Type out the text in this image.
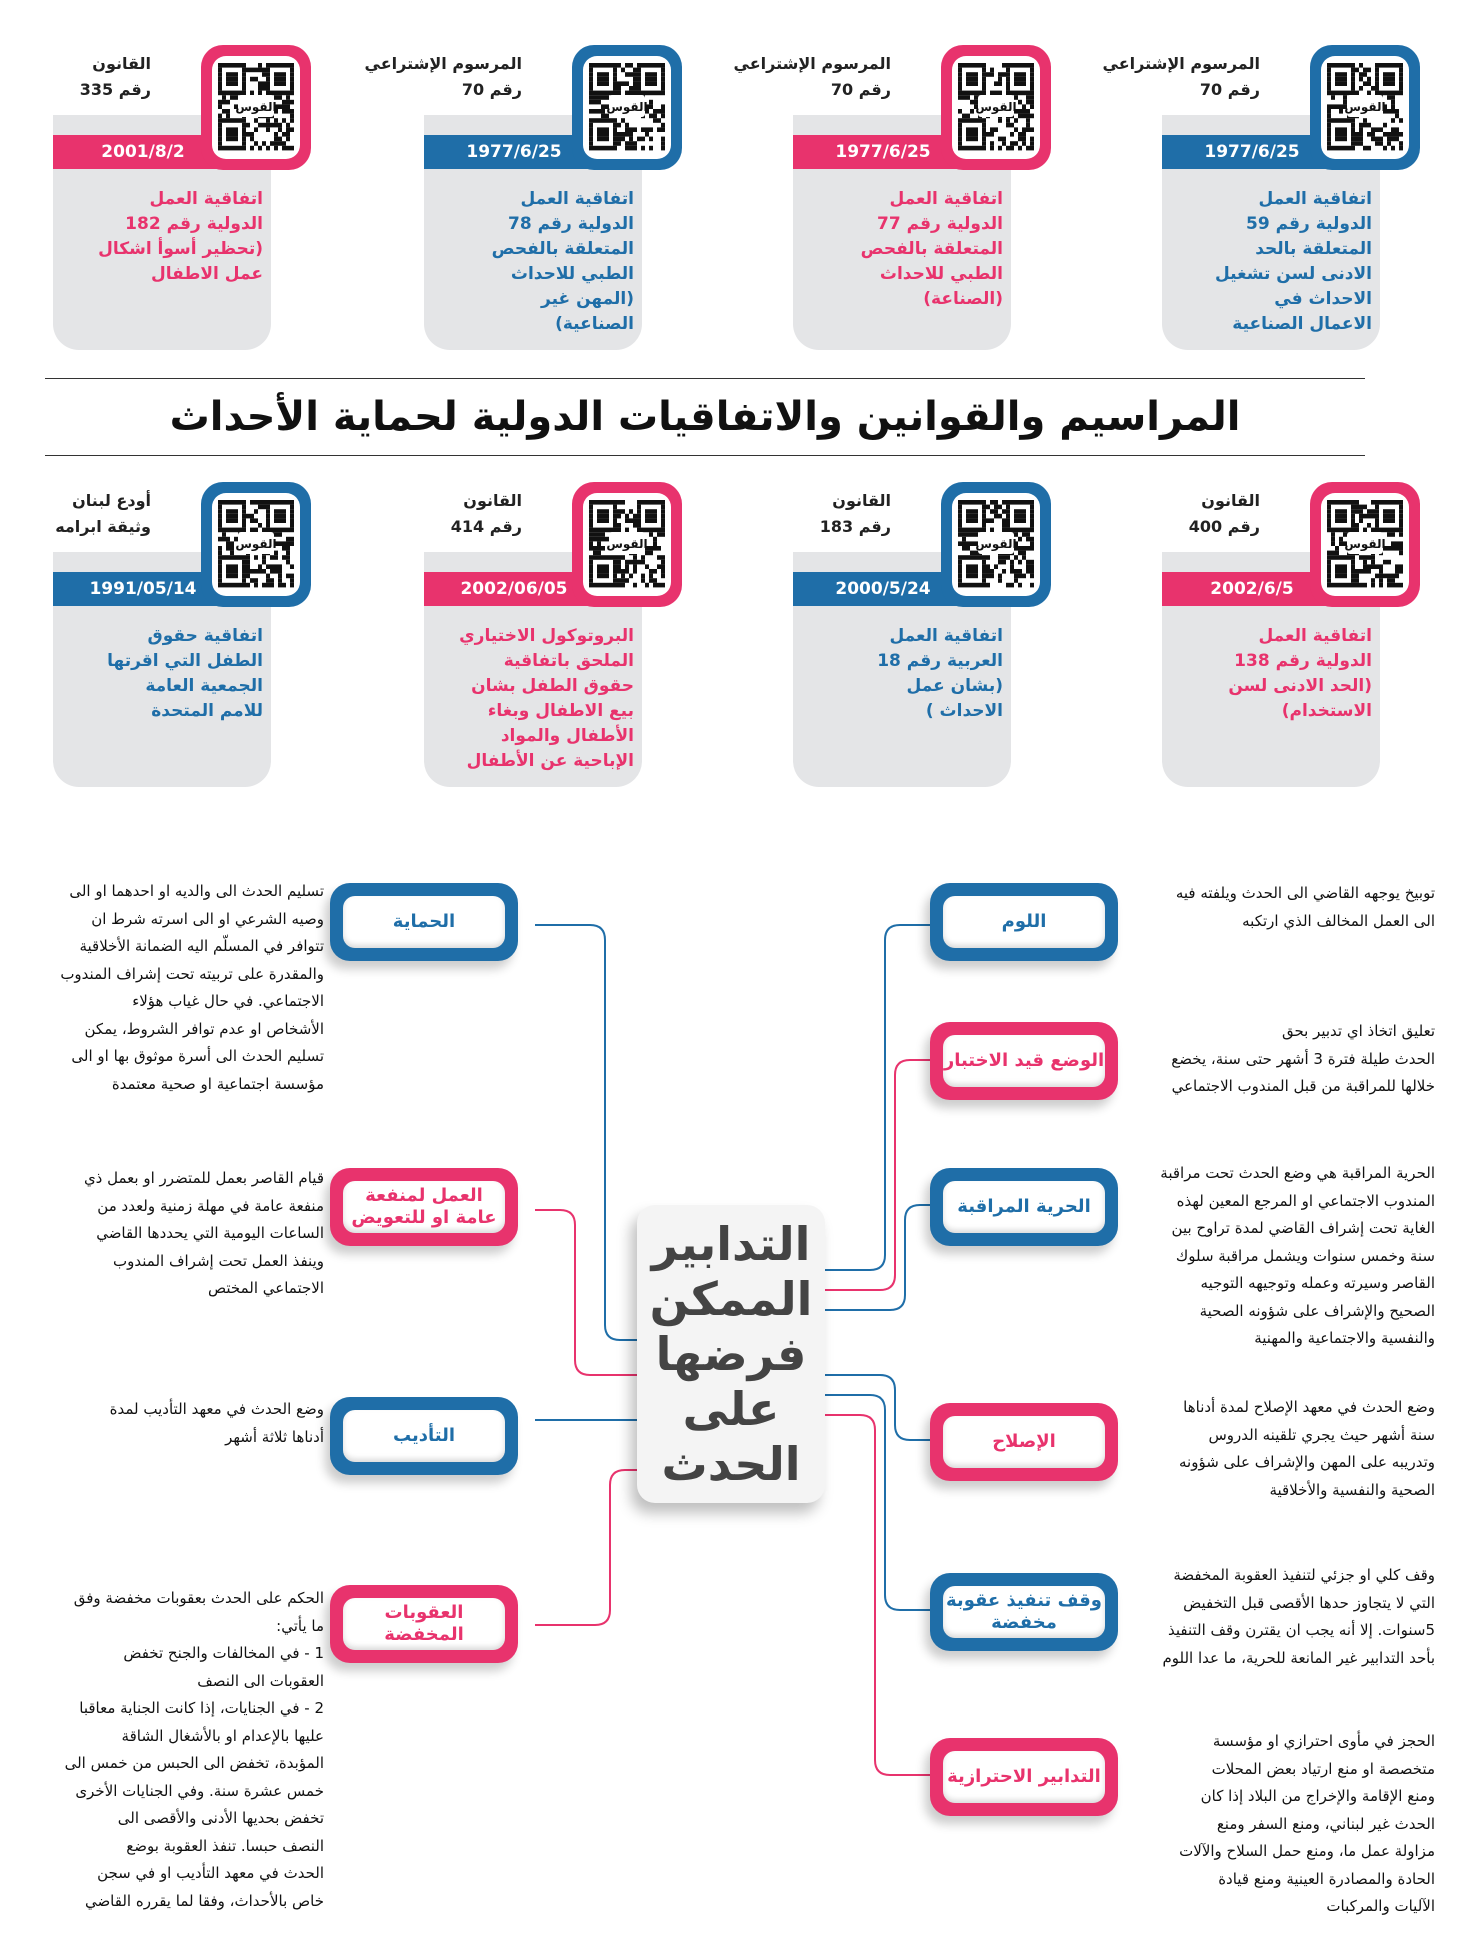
المراسيم والقوانين والاتفاقيات الدولية لحماية الأحداث
1977/6/25
القوس
المرسوم الإشتراعي
رقم 70
اتفاقية العمل
الدولية رقم 59
المتعلقة بالحد
الادنى لسن تشغيل
الاحداث في
الاعمال الصناعية
1977/6/25
القوس
المرسوم الإشتراعي
رقم 70
اتفاقية العمل
الدولية رقم 77
المتعلقة بالفحص
الطبي للاحداث
(الصناعة)
1977/6/25
القوس
المرسوم الإشتراعي
رقم 70
اتفاقية العمل
الدولية رقم 78
المتعلقة بالفحص
الطبي للاحداث
(المهن غير
الصناعية)
2001/8/2
القوس
القانون
رقم 335
اتفاقية العمل
الدولية رقم 182
(تحظير أسوأ اشكال
عمل الاطفال
2002/6/5
القوس
القانون
رقم 400
اتفاقية العمل
الدولية رقم 138
(الحد الادنى لسن
الاستخدام)
2000/5/24
القوس
القانون
رقم 183
اتفاقية العمل
العربية رقم 18
(بشان عمل
الاحداث )
2002/06/05
القوس
القانون
رقم 414
البروتوكول الاختياري
الملحق باتفاقية
حقوق الطفل بشان
بيع الاطفال وبغاء
الأطفال والمواد
الإباحية عن الأطفال
1991/05/14
القوس
أودع لبنان
وثيقة ابرامه
اتفاقية حقوق
الطفل التي اقرتها
الجمعية العامة
للامم المتحدة
التدابير الممكن فرضها على الحدث
اللوم
الوضع قيد الاختبار
الحرية المراقبة
الإصلاح
وقف تنفيذ عقوبة مخفضة
التدابير الاحترازية
الحماية
العمل لمنفعة عامة او للتعويض
التأديب
العقوبات المخفضة
توبيخ يوجهه القاضي الى الحدث ويلفته فيه
الى العمل المخالف الذي ارتكبه
تعليق اتخاذ اي تدبير بحق
الحدث طيلة فترة 3 أشهر حتى سنة، يخضع
خلالها للمراقبة من قبل المندوب الاجتماعي
الحرية المراقبة هي وضع الحدث تحت مراقبة
المندوب الاجتماعي او المرجع المعين لهذه
الغاية تحت إشراف القاضي لمدة تراوح بين
سنة وخمس سنوات ويشمل مراقبة سلوك
القاصر وسيرته وعمله وتوجيهه التوجيه
الصحيح والإشراف على شؤونه الصحية
والنفسية والاجتماعية والمهنية
وضع الحدث في معهد الإصلاح لمدة أدناها
سنة أشهر حيث يجري تلقينه الدروس
وتدريبه على المهن والإشراف على شؤونه
الصحية والنفسية والأخلاقية
وقف كلي او جزئي لتنفيذ العقوبة المخفضة
التي لا يتجاوز حدها الأقصى قبل التخفيض
5سنوات. إلا أنه يجب ان يقترن وقف التنفيذ
بأحد التدابير غير المانعة للحرية، ما عدا اللوم
الحجز في مأوى احترازي او مؤسسة
متخصصة او منع ارتياد بعض المحلات
ومنع الإقامة والإخراج من البلاد إذا كان
الحدث غير لبناني، ومنع السفر ومنع
مزاولة عمل ما، ومنع حمل السلاح والآلات
الحادة والمصادرة العينية ومنع قيادة
الآليات والمركبات
تسليم الحدث الى والديه او احدهما او الى
وصيه الشرعي او الى اسرته شرط ان
تتوافر في المسلّم اليه الضمانة الأخلاقية
والمقدرة على تربيته تحت إشراف المندوب
الاجتماعي. في حال غياب هؤلاء
الأشخاص او عدم توافر الشروط، يمكن
تسليم الحدث الى أسرة موثوق بها او الى
مؤسسة اجتماعية او صحية معتمدة
قيام القاصر بعمل للمتضرر او بعمل ذي
منفعة عامة في مهلة زمنية ولعدد من
الساعات اليومية التي يحددها القاضي
وينفذ العمل تحت إشراف المندوب
الاجتماعي المختص
وضع الحدث في معهد التأديب لمدة
أدناها ثلاثة أشهر
الحكم على الحدث بعقوبات مخفضة وفق
ما يأتي:
1 - في المخالفات والجنح تخفض
العقوبات الى النصف
2 - في الجنايات، إذا كانت الجناية معاقبا
عليها بالإعدام او بالأشغال الشاقة
المؤبدة، تخفض الى الحبس من خمس الى
خمس عشرة سنة. وفي الجنايات الأخرى
تخفض بحديها الأدنى والأقصى الى
النصف حبسا. تنفذ العقوبة بوضع
الحدث في معهد التأديب او في سجن
خاص بالأحداث، وفقا لما يقرره القاضي
